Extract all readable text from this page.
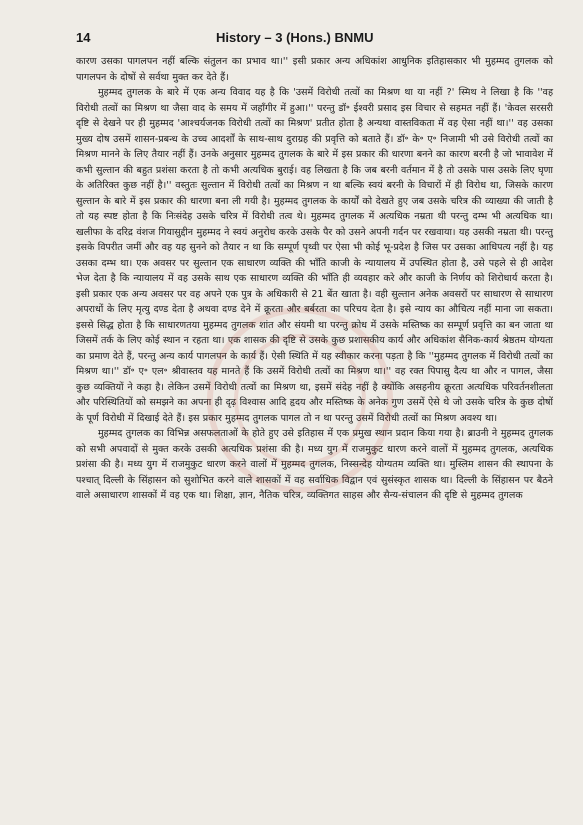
14	History – 3 (Hons.) BNMU

कारण उसका पागलपन नहीं बल्कि संतुलन का प्रभाव था।'' इसी प्रकार अन्य अधिकांश आधुनिक इतिहासकार भी मुहम्मद तुगलक को पागलपन के दोषों से सर्वथा मुक्त कर देते हैं।

मुहम्मद तुगलक के बारे में एक अन्य विवाद यह है कि 'उसमें विरोधी तत्वों का मिश्रण था या नहीं ?' स्मिथ ने लिखा है कि ''वह विरोधी तत्वों का मिश्रण था जैसा वाद के समय में जहाँगीर में हुआ।'' परन्तु डॉ॰ ईश्वरी प्रसाद इस विचार से सहमत नहीं हैं। 'केवल सरसरी दृष्टि से देखने पर ही मुहम्मद 'आश्चर्यजनक विरोधी तत्वों का मिश्रण' प्रतीत होता है अन्यथा वास्तविकता में वह ऐसा नहीं था।'' वह उसका मुख्य दोष उसमें शासन-प्रबन्ध के उच्च आदर्शों के साथ-साथ दुराग्रह की प्रवृत्ति को बताते हैं। डॉ॰ के॰ ए॰ निजामी भी उसे विरोधी तत्वों का मिश्रण मानने के लिए तैयार नहीं हैं। उनके अनुसार मुहम्मद तुगलक के बारे में इस प्रकार की धारणा बनने का कारण बरनी है जो भावावेश में कभी सुल्तान की बहुत प्रशंसा करता है तो कभी अत्यधिक बुराई। वह लिखता है कि जब बरनी वर्तमान में है तो उसके पास उसके लिए घृणा के अतिरिक्त कुछ नहीं है।'' वस्तुतः सुल्तान में विरोधी तत्वों का मिश्रण न था बल्कि स्वयं बरनी के विचारों में ही विरोध था, जिसके कारण सुल्तान के बारे में इस प्रकार की धारणा बना ली गयी है। मुहम्मद तुगलक के कार्यों को देखते हुए जब उसके चरित्र की व्याख्या की जाती है तो यह स्पष्ट होता है कि निःसंदेह उसके चरित्र में विरोधी तत्व थे। मुहम्मद तुगलक में अत्यधिक नम्रता थी परन्तु दम्भ भी अत्यधिक था। खलीफा के दरिद्र वंशज गियासुद्दीन मुहम्मद ने स्वयं अनुरोध करके उसके पैर को उसने अपनी गर्दन पर रखवाया। यह उसकी नम्रता थी। परन्तु इसके विपरीत जमीं और वह यह सुनने को तैयार न था कि सम्पूर्ण पृथ्वी पर ऐसा भी कोई भू-प्रदेश है जिस पर उसका आधिपत्य नहीं है। यह उसका दम्भ था। एक अवसर पर सुल्तान एक साधारण व्यक्ति की भाँति काजी के न्यायालय में उपस्थित होता है, उसे पहले से ही आदेश भेज देता है कि न्यायालय में वह उसके साथ एक साधारण व्यक्ति की भाँति ही व्यवहार करे और काजी के निर्णय को शिरोधार्य करता है। इसी प्रकार एक अन्य अवसर पर वह अपने एक पुत्र के अधिकारी से 21 बेंत खाता है। वही सुल्तान अनेक अवसरों पर साधारण से साधारण अपराधों के लिए मृत्यु दण्ड देता है अथवा दण्ड देने में क्रूरता और बर्बरता का परिचय देता है। इसे न्याय का औचित्य नहीं माना जा सकता। इससे सिद्ध होता है कि साधारणतया मुहम्मद तुगलक शांत और संयमी था परन्तु क्रोध में उसके मस्तिष्क का सम्पूर्ण प्रवृत्ति का बन जाता था जिसमें तर्क के लिए कोई स्थान न रहता था। एक शासक की दृष्टि से उसके कुछ प्रशासकीय कार्य और अधिकांश सैनिक-कार्य श्रेष्ठतम योग्यता का प्रमाण देते हैं, परन्तु अन्य कार्य पागलपन के कार्य हैं। ऐसी स्थिति में यह स्वीकार करना पड़ता है कि ''मुहम्मद तुगलक में विरोधी तत्वों का मिश्रण था।'' डॉ॰ ए॰ एल॰ श्रीवास्तव यह मानते हैं कि उसमें विरोधी तत्वों का मिश्रण था।'' वह रक्त पिपासु दैत्य था और न पागल, जैसा कुछ व्यक्तियों ने कहा है। लेकिन उसमें विरोधी तत्वों का मिश्रण था, इसमें संदेह नहीं है क्योंकि असहनीय क्रूरता अत्यधिक परिवर्तनशीलता और परिस्थितियों को समझने का अपना ही दृढ़ विश्वास आदि हृदय और मस्तिष्क के अनेक गुण उसमें ऐसे थे जो उसके चरित्र के कुछ दोषों के पूर्ण विरोधी में दिखाई देते हैं। इस प्रकार मुहम्मद तुगलक पागल तो न था परन्तु उसमें विरोधी तत्वों का मिश्रण अवश्य था।

मुहम्मद तुगलक का विभिन्न असफलताओं के होते हुए उसे इतिहास में एक प्रमुख स्थान प्रदान किया गया है। ब्राउनी ने मुहम्मद तुगलक को सभी अपवादों से मुक्त करके उसकी अत्यधिक प्रशंसा की है। मध्य युग में राजमुकुट धारण करने वालों में मुहम्मद तुगलक, अत्यधिक प्रशंसा की है। मध्य युग में राजमुकुट धारण करने वालों में मुहम्मद तुगलक, निस्सन्देह योग्यतम व्यक्ति था। मुस्लिम शासन की स्थापना के पश्चात् दिल्ली के सिंहासन को सुशोभित करने वाले शासकों में वह सर्वाधिक विद्वान एवं सुसंस्कृत शासक था। दिल्ली के सिंहासन पर बैठने वाले असाधारण शासकों में वह एक था। शिक्षा, ज्ञान, नैतिक चरित्र, व्यक्तिगत साहस और सैन्य-संचालन की दृष्टि से मुहम्मद तुगलक
